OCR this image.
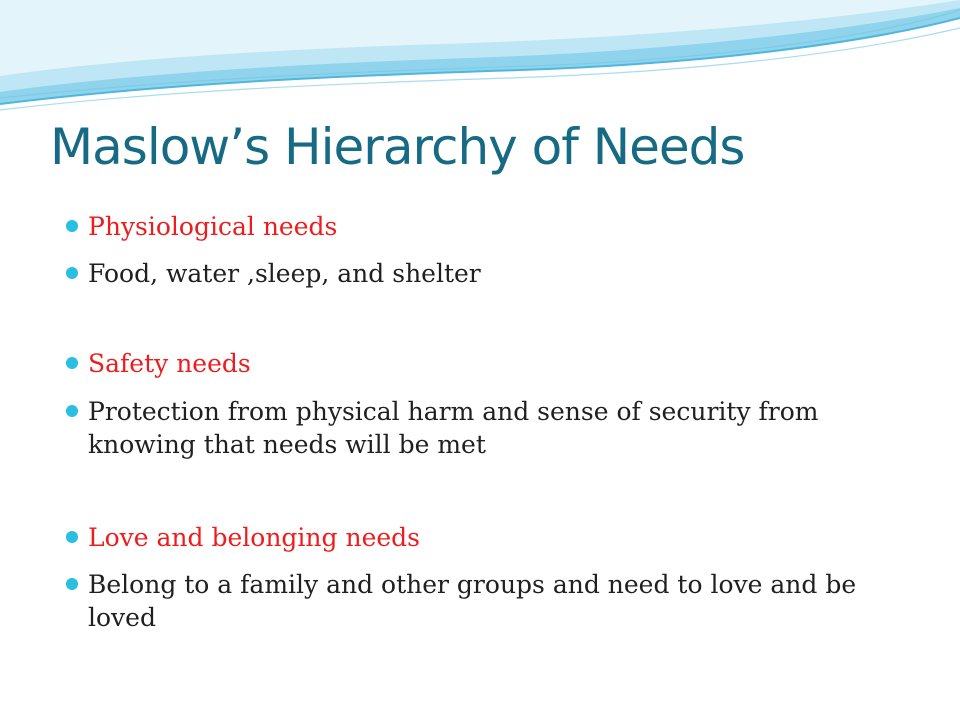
Maslow’s Hierarchy of Needs
Physiological needs
Food, water ,sleep, and shelter
Safety needs
Protection from physical harm and sense of security from knowing that needs will be met
Love and belonging needs
Belong to a family and other groups and need to love and be loved
